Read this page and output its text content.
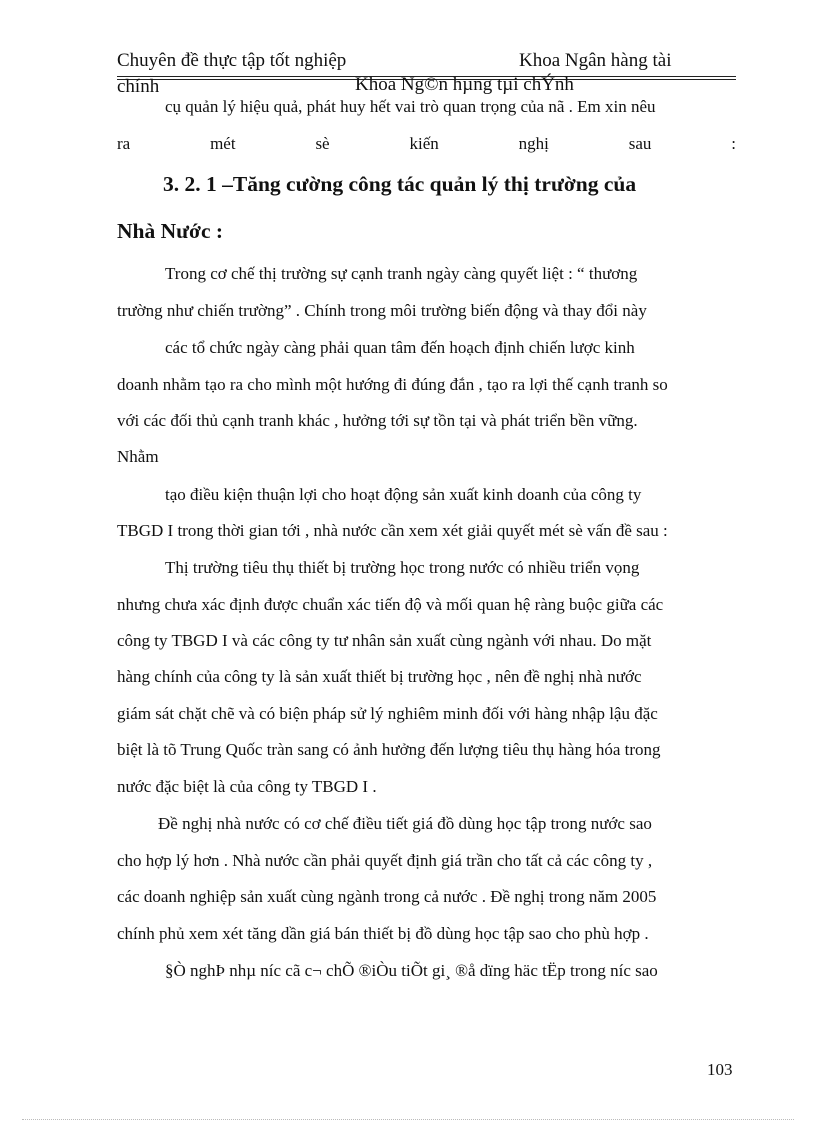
Chuyên đề thực tập tốt nghiệp	Khoa Ngân hàng tài
chính	Khoa Ng©n hµng tµi chÝnh
cụ quản lý hiệu quả, phát huy hết vai trò quan trọng của nã . Em xin nêu
ra	mét	sè	kiến	nghị	sau	:
3. 2. 1 –Tăng cường công tác quản lý thị trường của
Nhà Nước :
Trong cơ chế thị trường sự cạnh tranh ngày càng quyết liệt : “ thương
trường như chiến trường” . Chính trong môi trường biến động và thay đổi này
các tổ chức ngày càng phải quan tâm đến hoạch định chiến lược kinh
doanh nhằm tạo ra cho mình một hướng đi đúng đắn , tạo ra lợi thế cạnh tranh so
với các đối thủ cạnh tranh khác , hưởng tới sự tồn tại và phát triển bền vững.
Nhằm
tạo điều kiện thuận lợi cho hoạt động sản xuất kinh doanh của công ty
TBGD I trong thời gian tới , nhà nước cần xem xét giải quyết mét sè vấn đề sau :
Thị trường tiêu thụ thiết bị trường học trong nước có nhiều triển vọng
nhưng chưa xác định được chuẩn xác tiến độ và mối quan hệ ràng buộc giữa các
công ty TBGD I và các công ty tư nhân sản xuất cùng ngành với nhau. Do mặt
hàng chính của công ty là sản xuất thiết bị trường học , nên đề nghị nhà nước
giám sát chặt chẽ và có biện pháp sử lý nghiêm minh đối với hàng nhập lậu đặc
biệt là tõ Trung Quốc tràn sang có ảnh hưởng đến lượng tiêu thụ hàng hóa trong
nước đặc biệt là của công ty TBGD I .
Đề nghị nhà nước có cơ chế điều tiết giá đồ dùng học tập trong nước sao
cho hợp lý hơn . Nhà nước cần phải quyết định giá trần cho tất cả các công ty ,
các doanh nghiệp sản xuất cùng ngành trong cả nước . Đề nghị trong năm 2005
chính phủ xem xét tăng dần giá bán thiết bị đồ dùng học tập sao cho phù hợp .
§Ò nghÞ nhµ níc cã c¬ chÕ ®iÒu tiÕt gi¸ ®å dïng häc tËp trong níc sao
103
